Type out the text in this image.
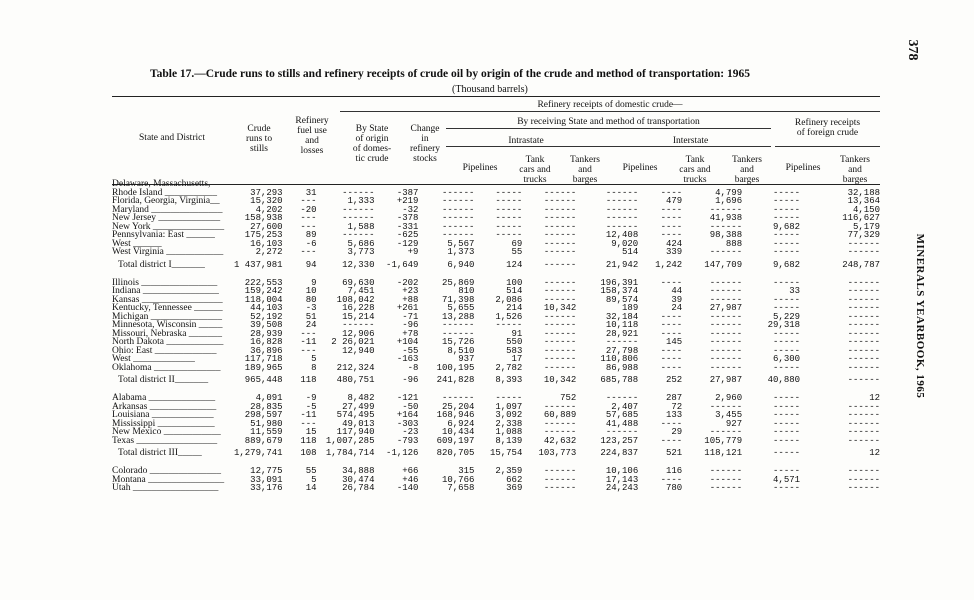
378
MINERALS YEARBOOK, 1965
Table 17.—Crude runs to stills and refinery receipts of crude oil by origin of the crude and method of transportation: 1965
(Thousand barrels)
State and District
Crude
runs to
stills
Refinery
fuel use
and
losses
Refinery receipts of domestic crude—
By State
of origin
of domes-
tic crude
Change
in
refinery
stocks
By receiving State and method of transportation
Intrastate	Interstate
Refinery receipts
of foreign crude
Pipelines
Tank
cars and
trucks
Tankers
and
barges
Pipelines
Tank
cars and
trucks
Tankers
and
barges
Pipelines
Tankers
and
barges
Delaware, Massachusetts,													
Rhode Island ___________	37,293	31	------	-387	------	-----	------	------	----	4,799	-----	32,188	
Florida, Georgia, Virginia__	15,320	---	1,333	+219	------	-----	------	------	479	1,696	-----	13,364	
Maryland _______________	4,202	-20	------	-32	------	-----	------	------	----	------	-----	4,150	
New Jersey _____________	158,938	---	------	-378	------	-----	------	------	----	41,938	-----	116,627	
New York _______________	27,600	---	1,588	-331	------	-----	------	------	----	------	9,682	5,179	
Pennsylvania: East ______	175,253	89	------	-625	------	-----	------	12,408	----	98,388	-----	77,329	
West ______	16,103	-6	5,686	-129	5,567	69	------	9,020	424	888	-----	------	
West Virginia ____________	2,272	---	3,773	+9	1,373	55	------	514	339	------	-----	------	
Total district I_______	1 437,981	94	12,330	-1,649	6,940	124	------	21,942	1,242	147,709	9,682	248,787	

Illinois ________________	222,553	9	69,630	-202	25,869	100	------	196,391	----	------	-----	------	
Indiana ________________	159,242	10	7,451	+23	810	514	------	158,374	44	------	33	------	
Kansas _________________	118,004	80	108,042	+88	71,398	2,086	------	89,574	39	------	-----	------	
Kentucky, Tennessee ______	44,103	-3	16,228	+261	5,655	214	10,342	189	24	27,987	-----	------	
Michigan _______________	52,192	51	15,214	-71	13,288	1,526	------	32,184	----	------	5,229	------	
Minnesota, Wisconsin _____	39,508	24	------	-96	------	-----	------	10,118	----	------	29,318	------	
Missouri, Nebraska _______	28,939	---	12,906	+78	------	91	------	28,921	----	------	-----	------	
North Dakota ____________	16,828	-11	2 26,021	+104	15,726	550	------	------	145	------	-----	------	
Ohio: East _____________	36,896	---	12,940	-55	8,510	583	------	27,798	----	------	-----	------	
West _____________	117,718	5		-163	937	17	------	110,806	----	------	6,300	------	
Oklahoma ______________	189,965	8	212,324	-8	100,195	2,782	------	86,988	----	------	-----	------	
Total district II_______	965,448	118	480,751	-96	241,828	8,393	10,342	685,788	252	27,987	40,880	------	

Alabama ______________	4,091	-9	8,482	-121	------	-----	752	------	287	2,960	-----	12	
Arkansas ______________	28,835	-5	27,499	-50	25,204	1,097	------	2,407	72	------	-----	------	
Louisiana _____________	298,597	-11	574,495	+164	168,946	3,092	60,889	57,685	133	3,455	-----	------	
Mississippi ____________	51,980	---	49,013	-303	6,924	2,338	------	41,488	----	927	-----	------	
New Mexico ____________	11,559	15	117,940	-23	10,434	1,088	------	------	29	------	-----	------	
Texas _________________	889,679	118	1,007,285	-793	609,197	8,139	42,632	123,257	----	105,779	-----	------	
Total district III_____	1,279,741	108	1,784,714	-1,126	820,705	15,754	103,773	224,837	521	118,121	-----	12	

Colorado _______________	12,775	55	34,888	+66	315	2,359	------	10,106	116	------	-----	------	
Montana ________________	33,091	5	30,474	+46	10,766	662	------	17,143	----	------	4,571	------	
Utah __________________	33,176	14	26,784	-140	7,658	369	------	24,243	780	------	-----	------	
